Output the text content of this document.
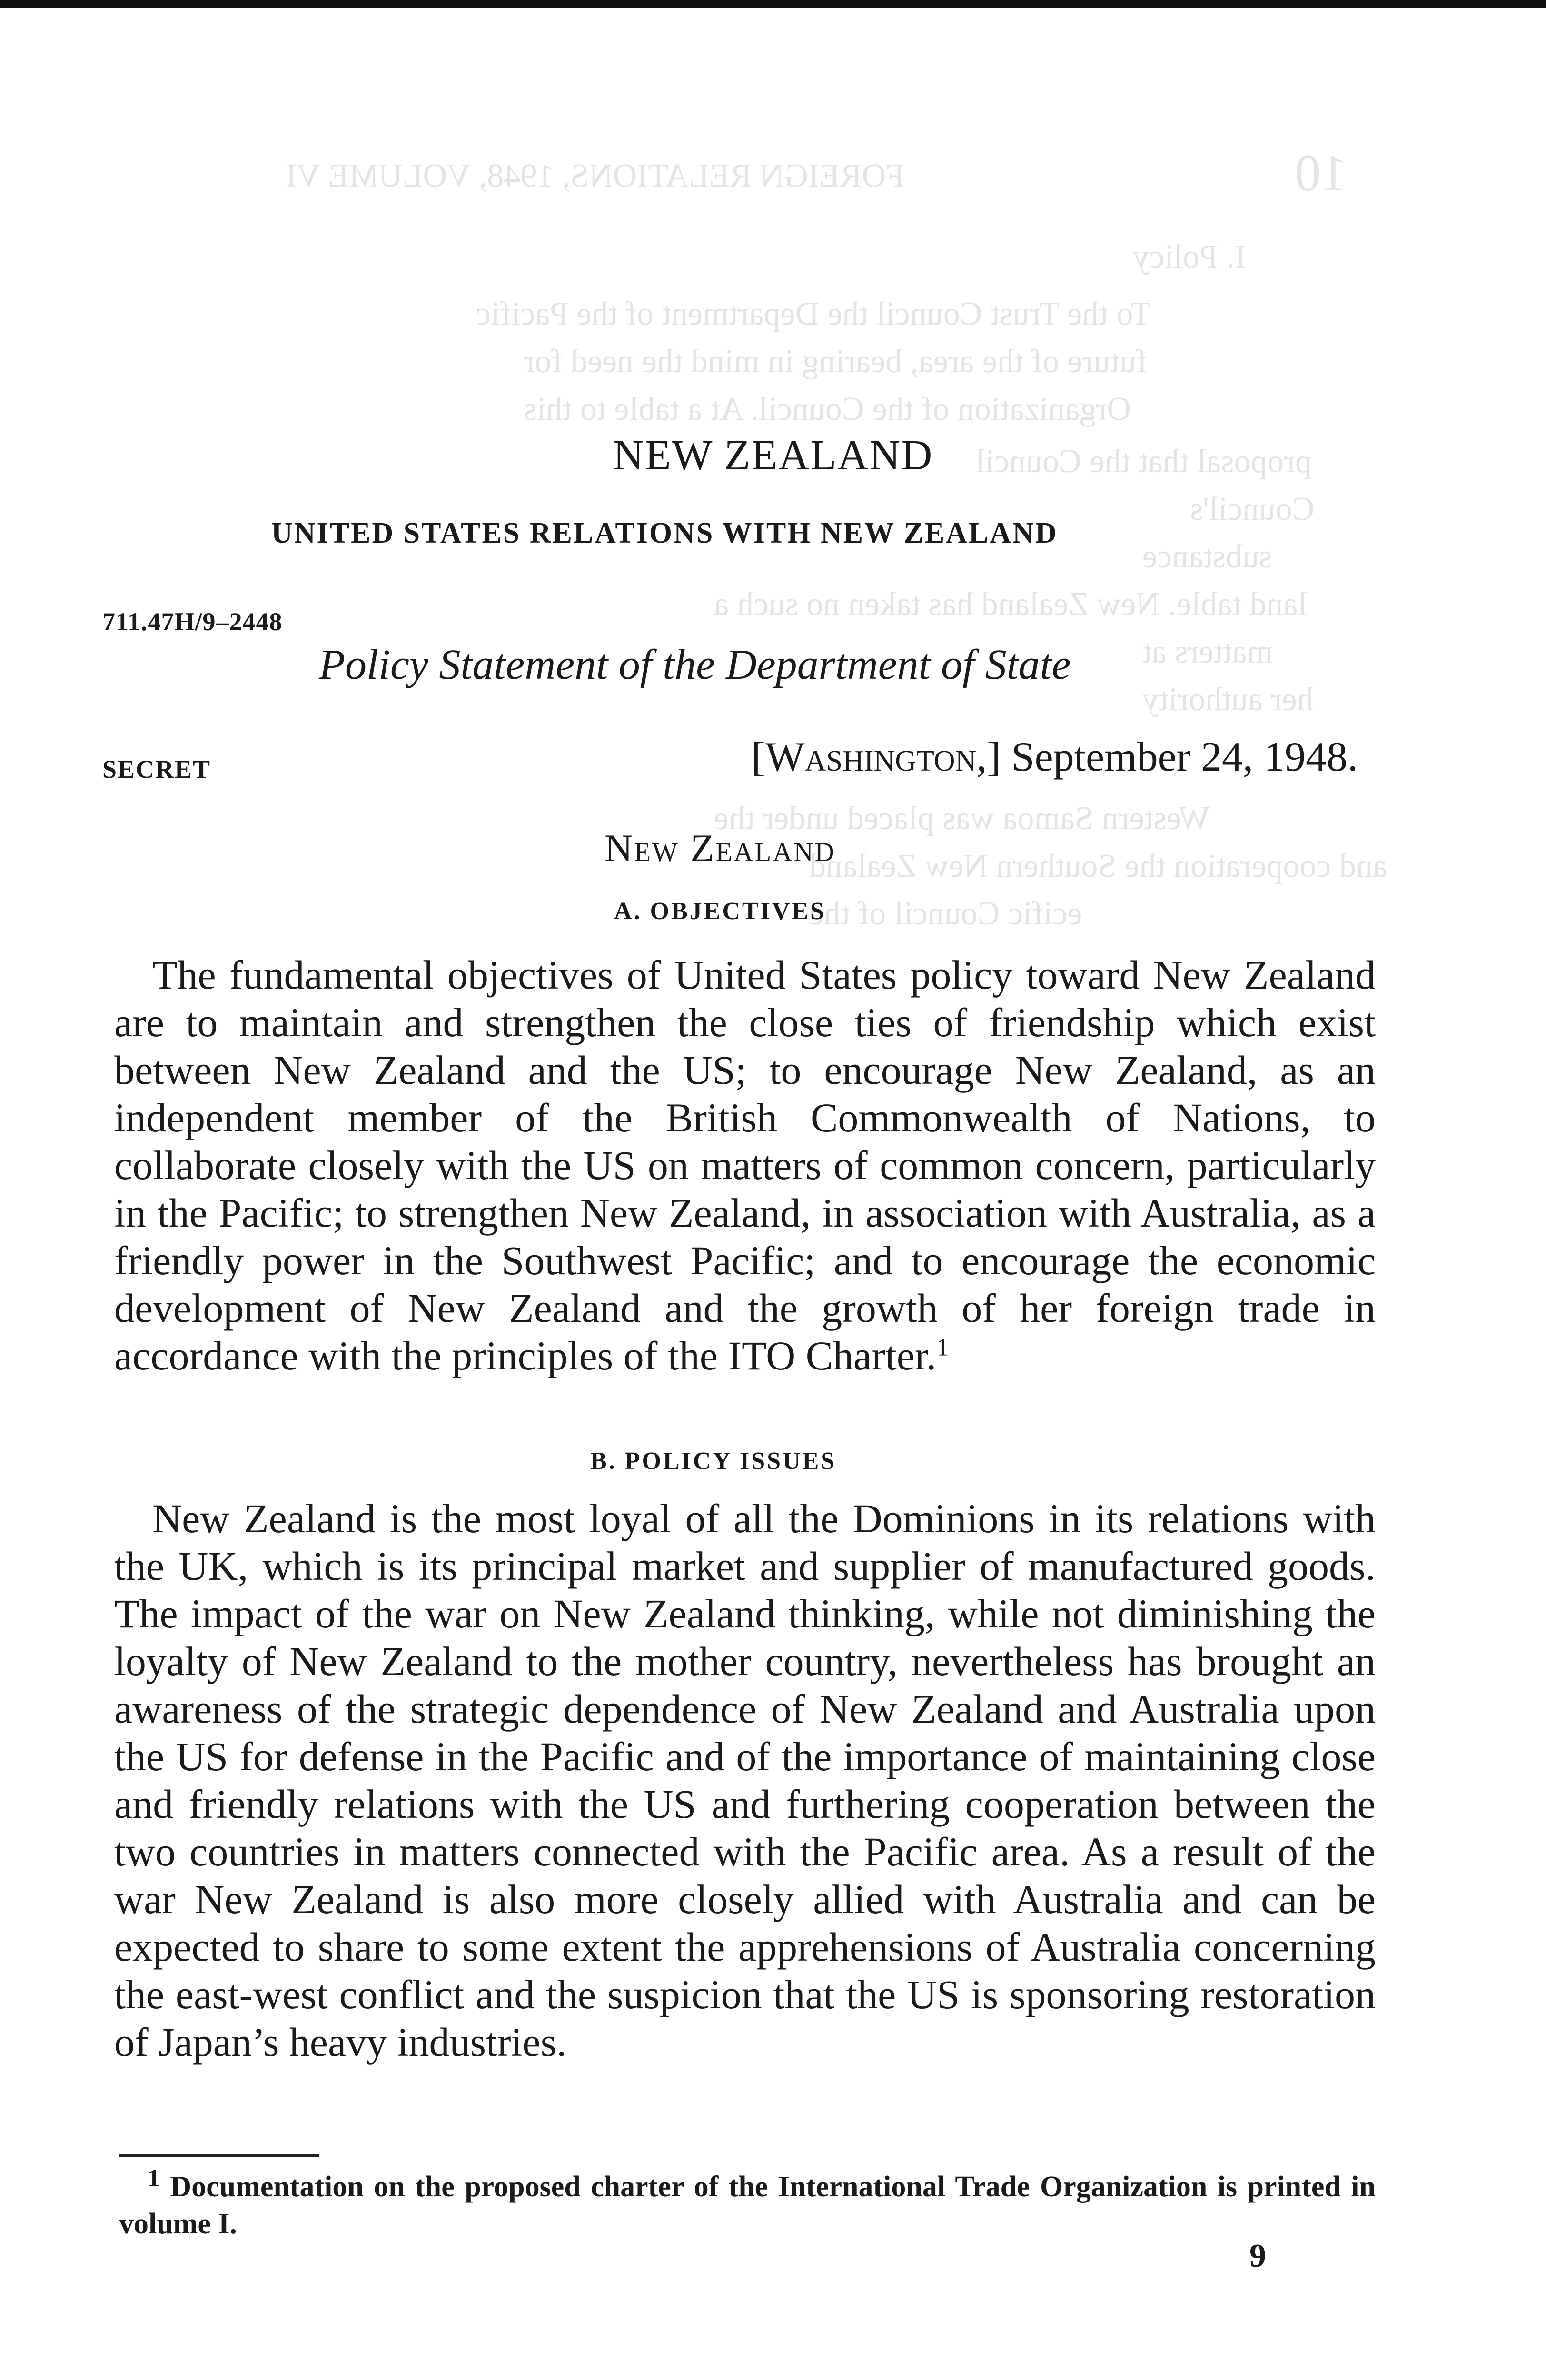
10
FOREIGN RELATIONS, 1948, VOLUME VI
I. Policy
To the Trust Council the Department of the Pacific
future of the area, bearing in mind the need for
Organization of the Council. At a table to this
proposal that the Council
Council's
substance
land table. New Zealand has taken no such a
matters at
her authority
Western Samoa was placed under the
and cooperation the Southern New Zealand
ecific Council of the
NEW ZEALAND
UNITED STATES RELATIONS WITH NEW ZEALAND
711.47H/9–2448
Policy Statement of the Department of State
SECRET	[Washington,] September 24, 1948.
New Zealand
A. OBJECTIVES
The fundamental objectives of United States policy toward New Zealand are to maintain and strengthen the close ties of friendship which exist between New Zealand and the US; to encourage New Zealand, as an independent member of the British Commonwealth of Nations, to collaborate closely with the US on matters of common concern, particularly in the Pacific; to strengthen New Zealand, in association with Australia, as a friendly power in the Southwest Pacific; and to encourage the economic development of New Zealand and the growth of her foreign trade in accordance with the principles of the ITO Charter.$^1$
B. POLICY ISSUES
New Zealand is the most loyal of all the Dominions in its relations with the UK, which is its principal market and supplier of manufactured goods. The impact of the war on New Zealand thinking, while not diminishing the loyalty of New Zealand to the mother country, nevertheless has brought an awareness of the strategic dependence of New Zealand and Australia upon the US for defense in the Pacific and of the importance of maintaining close and friendly relations with the US and furthering cooperation between the two countries in matters connected with the Pacific area. As a result of the war New Zealand is also more closely allied with Australia and can be expected to share to some extent the apprehensions of Australia concerning the east-west conflict and the suspicion that the US is sponsoring restoration of Japan’s heavy industries.
$^1$ Documentation on the proposed charter of the International Trade Organization is printed in volume I.
9
